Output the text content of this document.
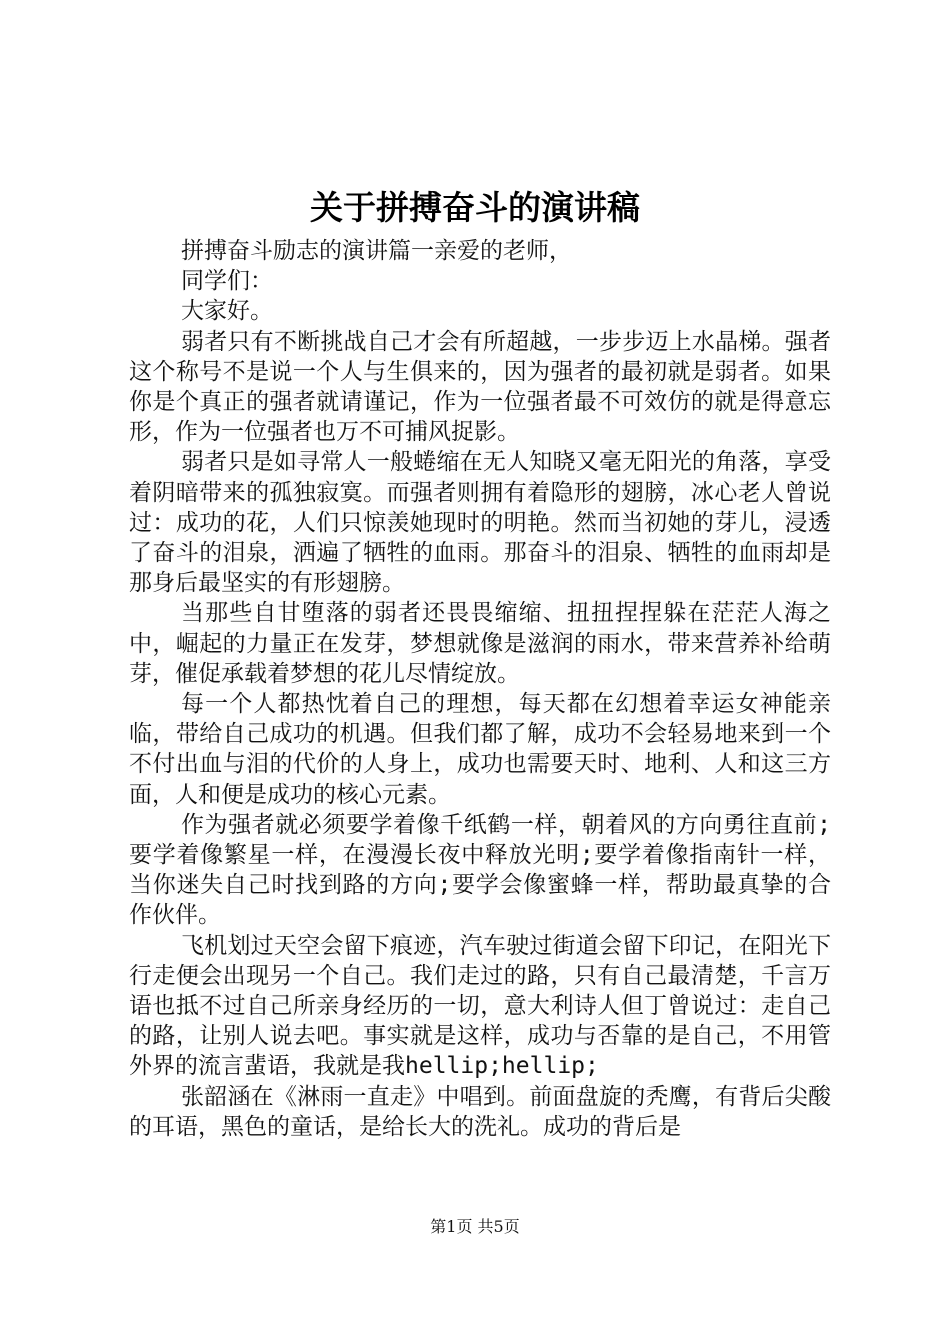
关于拼搏奋斗的演讲稿

拼搏奋斗励志的演讲篇一亲爱的老师，

同学们：

大家好。

弱者只有不断挑战自己才会有所超越，一步步迈上水晶梯。强者这个称号不是说一个人与生俱来的，因为强者的最初就是弱者。如果你是个真正的强者就请谨记，作为一位强者最不可效仿的就是得意忘形，作为一位强者也万不可捕风捉影。

弱者只是如寻常人一般蜷缩在无人知晓又毫无阳光的角落，享受着阴暗带来的孤独寂寞。而强者则拥有着隐形的翅膀，冰心老人曾说过：成功的花，人们只惊羡她现时的明艳。然而当初她的芽儿，浸透了奋斗的泪泉，洒遍了牺牲的血雨。那奋斗的泪泉、牺牲的血雨却是那身后最坚实的有形翅膀。

当那些自甘堕落的弱者还畏畏缩缩、扭扭捏捏躲在茫茫人海之中，崛起的力量正在发芽，梦想就像是滋润的雨水，带来营养补给萌芽，催促承载着梦想的花儿尽情绽放。

每一个人都热忱着自己的理想，每天都在幻想着幸运女神能亲临，带给自己成功的机遇。但我们都了解，成功不会轻易地来到一个不付出血与泪的代价的人身上，成功也需要天时、地利、人和这三方面，人和便是成功的核心元素。

作为强者就必须要学着像千纸鹤一样，朝着风的方向勇往直前;要学着像繁星一样，在漫漫长夜中释放光明;要学着像指南针一样，当你迷失自己时找到路的方向;要学会像蜜蜂一样，帮助最真挚的合作伙伴。

飞机划过天空会留下痕迹，汽车驶过街道会留下印记，在阳光下行走便会出现另一个自己。我们走过的路，只有自己最清楚，千言万语也抵不过自己所亲身经历的一切，意大利诗人但丁曾说过：走自己的路，让别人说去吧。事实就是这样，成功与否靠的是自己，不用管外界的流言蜚语，我就是我hellip;hellip;

张韶涵在《淋雨一直走》中唱到。前面盘旋的秃鹰，有背后尖酸的耳语，黑色的童话，是给长大的洗礼。成功的背后是

第1页 共5页
